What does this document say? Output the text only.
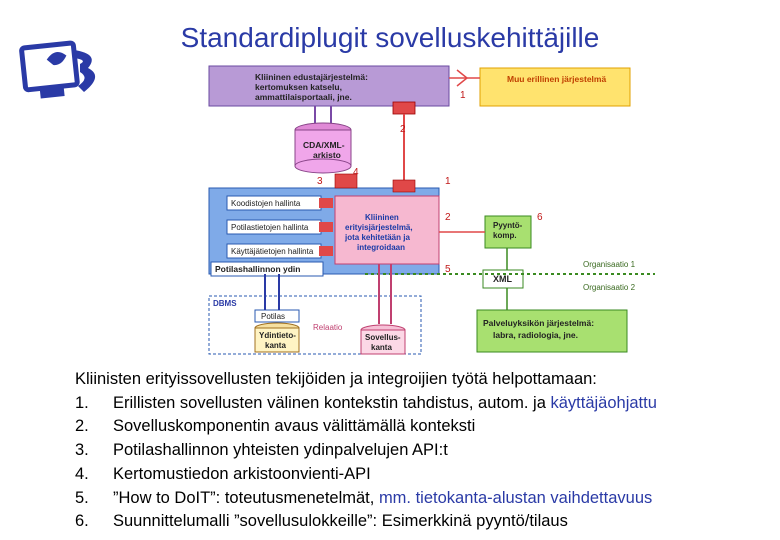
Standardiplugit sovelluskehittäjille
Kliininen edustajärjestelmä:
kertomuksen katselu,
ammattilaisportaali, jne.
Muu erillinen järjestelmä
CDA/XML-
arkisto
Kliininen
erityisjärjestelmä,
jota kehitetään ja
integroidaan
Koodistojen hallinta
Potilastietojen hallinta
Käyttäjätietojen hallinta
Potilashallinnon ydin
Pyyntö-
komp.
XML
Organisaatio 1
Organisaatio 2
DBMS
Potilas
Relaatio
Ydintieto-
kanta
Sovellus-
kanta
Palveluyksikön järjestelmä:
labra, radiologia, jne.
1
2
3
4
1
2	6
5
Kliinisten erityissovellusten tekijöiden ja integroijien työtä helpottamaan:
1. Erillisten sovellusten välinen kontekstin tahdistus, autom. ja käyttäjäohjattu
2. Sovelluskomponentin avaus välittämällä konteksti
3. Potilashallinnon yhteisten ydinpalvelujen API:t
4. Kertomustiedon arkistoonvienti-API
5. ”How to DoIT”: toteutusmenetelmät, mm. tietokanta-alustan vaihdettavuus
6. Suunnittelumalli ”sovellusulokkeille”: Esimerkkinä pyyntö/tilaus
